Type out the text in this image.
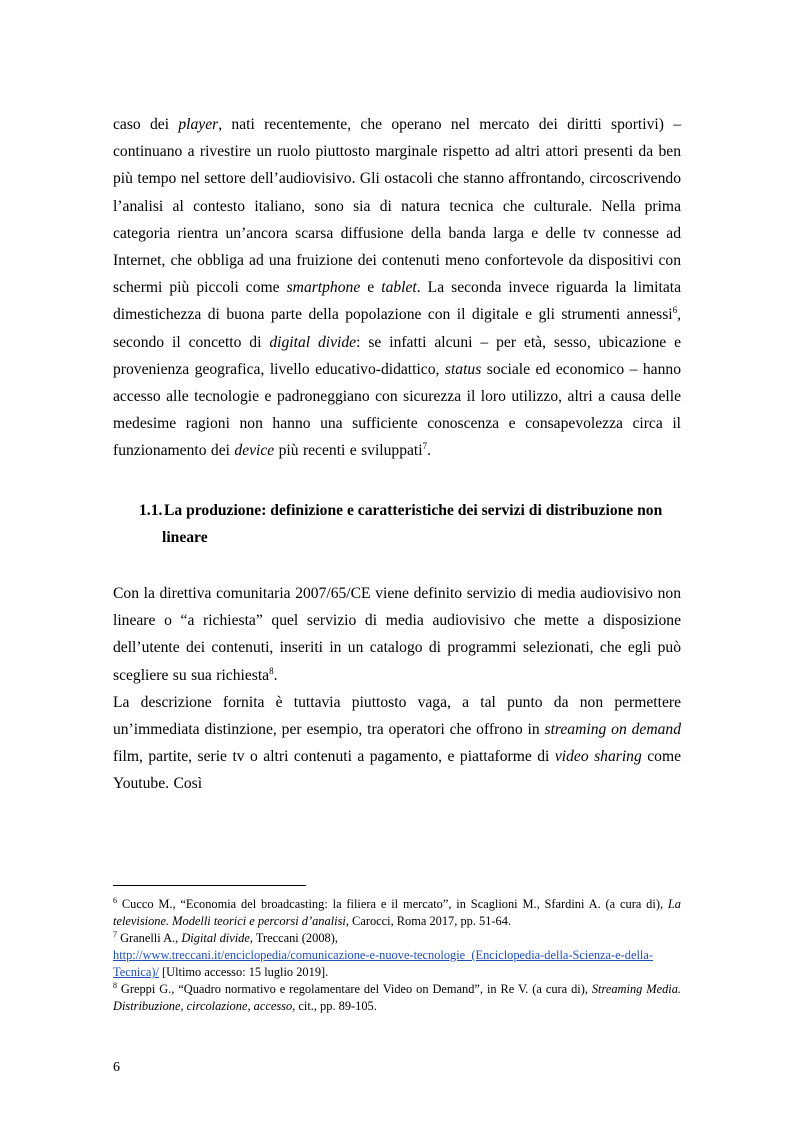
caso dei player, nati recentemente, che operano nel mercato dei diritti sportivi) – continuano a rivestire un ruolo piuttosto marginale rispetto ad altri attori presenti da ben più tempo nel settore dell’audiovisivo. Gli ostacoli che stanno affrontando, circoscrivendo l’analisi al contesto italiano, sono sia di natura tecnica che culturale. Nella prima categoria rientra un’ancora scarsa diffusione della banda larga e delle tv connesse ad Internet, che obbliga ad una fruizione dei contenuti meno confortevole da dispositivi con schermi più piccoli come smartphone e tablet. La seconda invece riguarda la limitata dimestichezza di buona parte della popolazione con il digitale e gli strumenti annessi$^6$, secondo il concetto di digital divide: se infatti alcuni – per età, sesso, ubicazione e provenienza geografica, livello educativo-didattico, status sociale ed economico – hanno accesso alle tecnologie e padroneggiano con sicurezza il loro utilizzo, altri a causa delle medesime ragioni non hanno una sufficiente conoscenza e consapevolezza circa il funzionamento dei device più recenti e sviluppati$^7$.

1.1. La produzione: definizione e caratteristiche dei servizi di distribuzione non
lineare

Con la direttiva comunitaria 2007/65/CE viene definito servizio di media audiovisivo non lineare o “a richiesta” quel servizio di media audiovisivo che mette a disposizione dell’utente dei contenuti, inseriti in un catalogo di programmi selezionati, che egli può scegliere su sua richiesta$^8$.

La descrizione fornita è tuttavia piuttosto vaga, a tal punto da non permettere un’immediata distinzione, per esempio, tra operatori che offrono in streaming on demand film, partite, serie tv o altri contenuti a pagamento, e piattaforme di video sharing come Youtube. Così

$^6$ Cucco M., “Economia del broadcasting: la filiera e il mercato”, in Scaglioni M., Sfardini A. (a cura di), La televisione. Modelli teorici e percorsi d’analisi, Carocci, Roma 2017, pp. 51-64.

$^7$ Granelli A., Digital divide, Treccani (2008),
http://www.treccani.it/enciclopedia/comunicazione-e-nuove-tecnologie_(Enciclopedia-della-Scienza-e-della-Tecnica)/ [Ultimo accesso: 15 luglio 2019].

$^8$ Greppi G., “Quadro normativo e regolamentare del Video on Demand”, in Re V. (a cura di), Streaming Media. Distribuzione, circolazione, accesso, cit., pp. 89-105.

6
